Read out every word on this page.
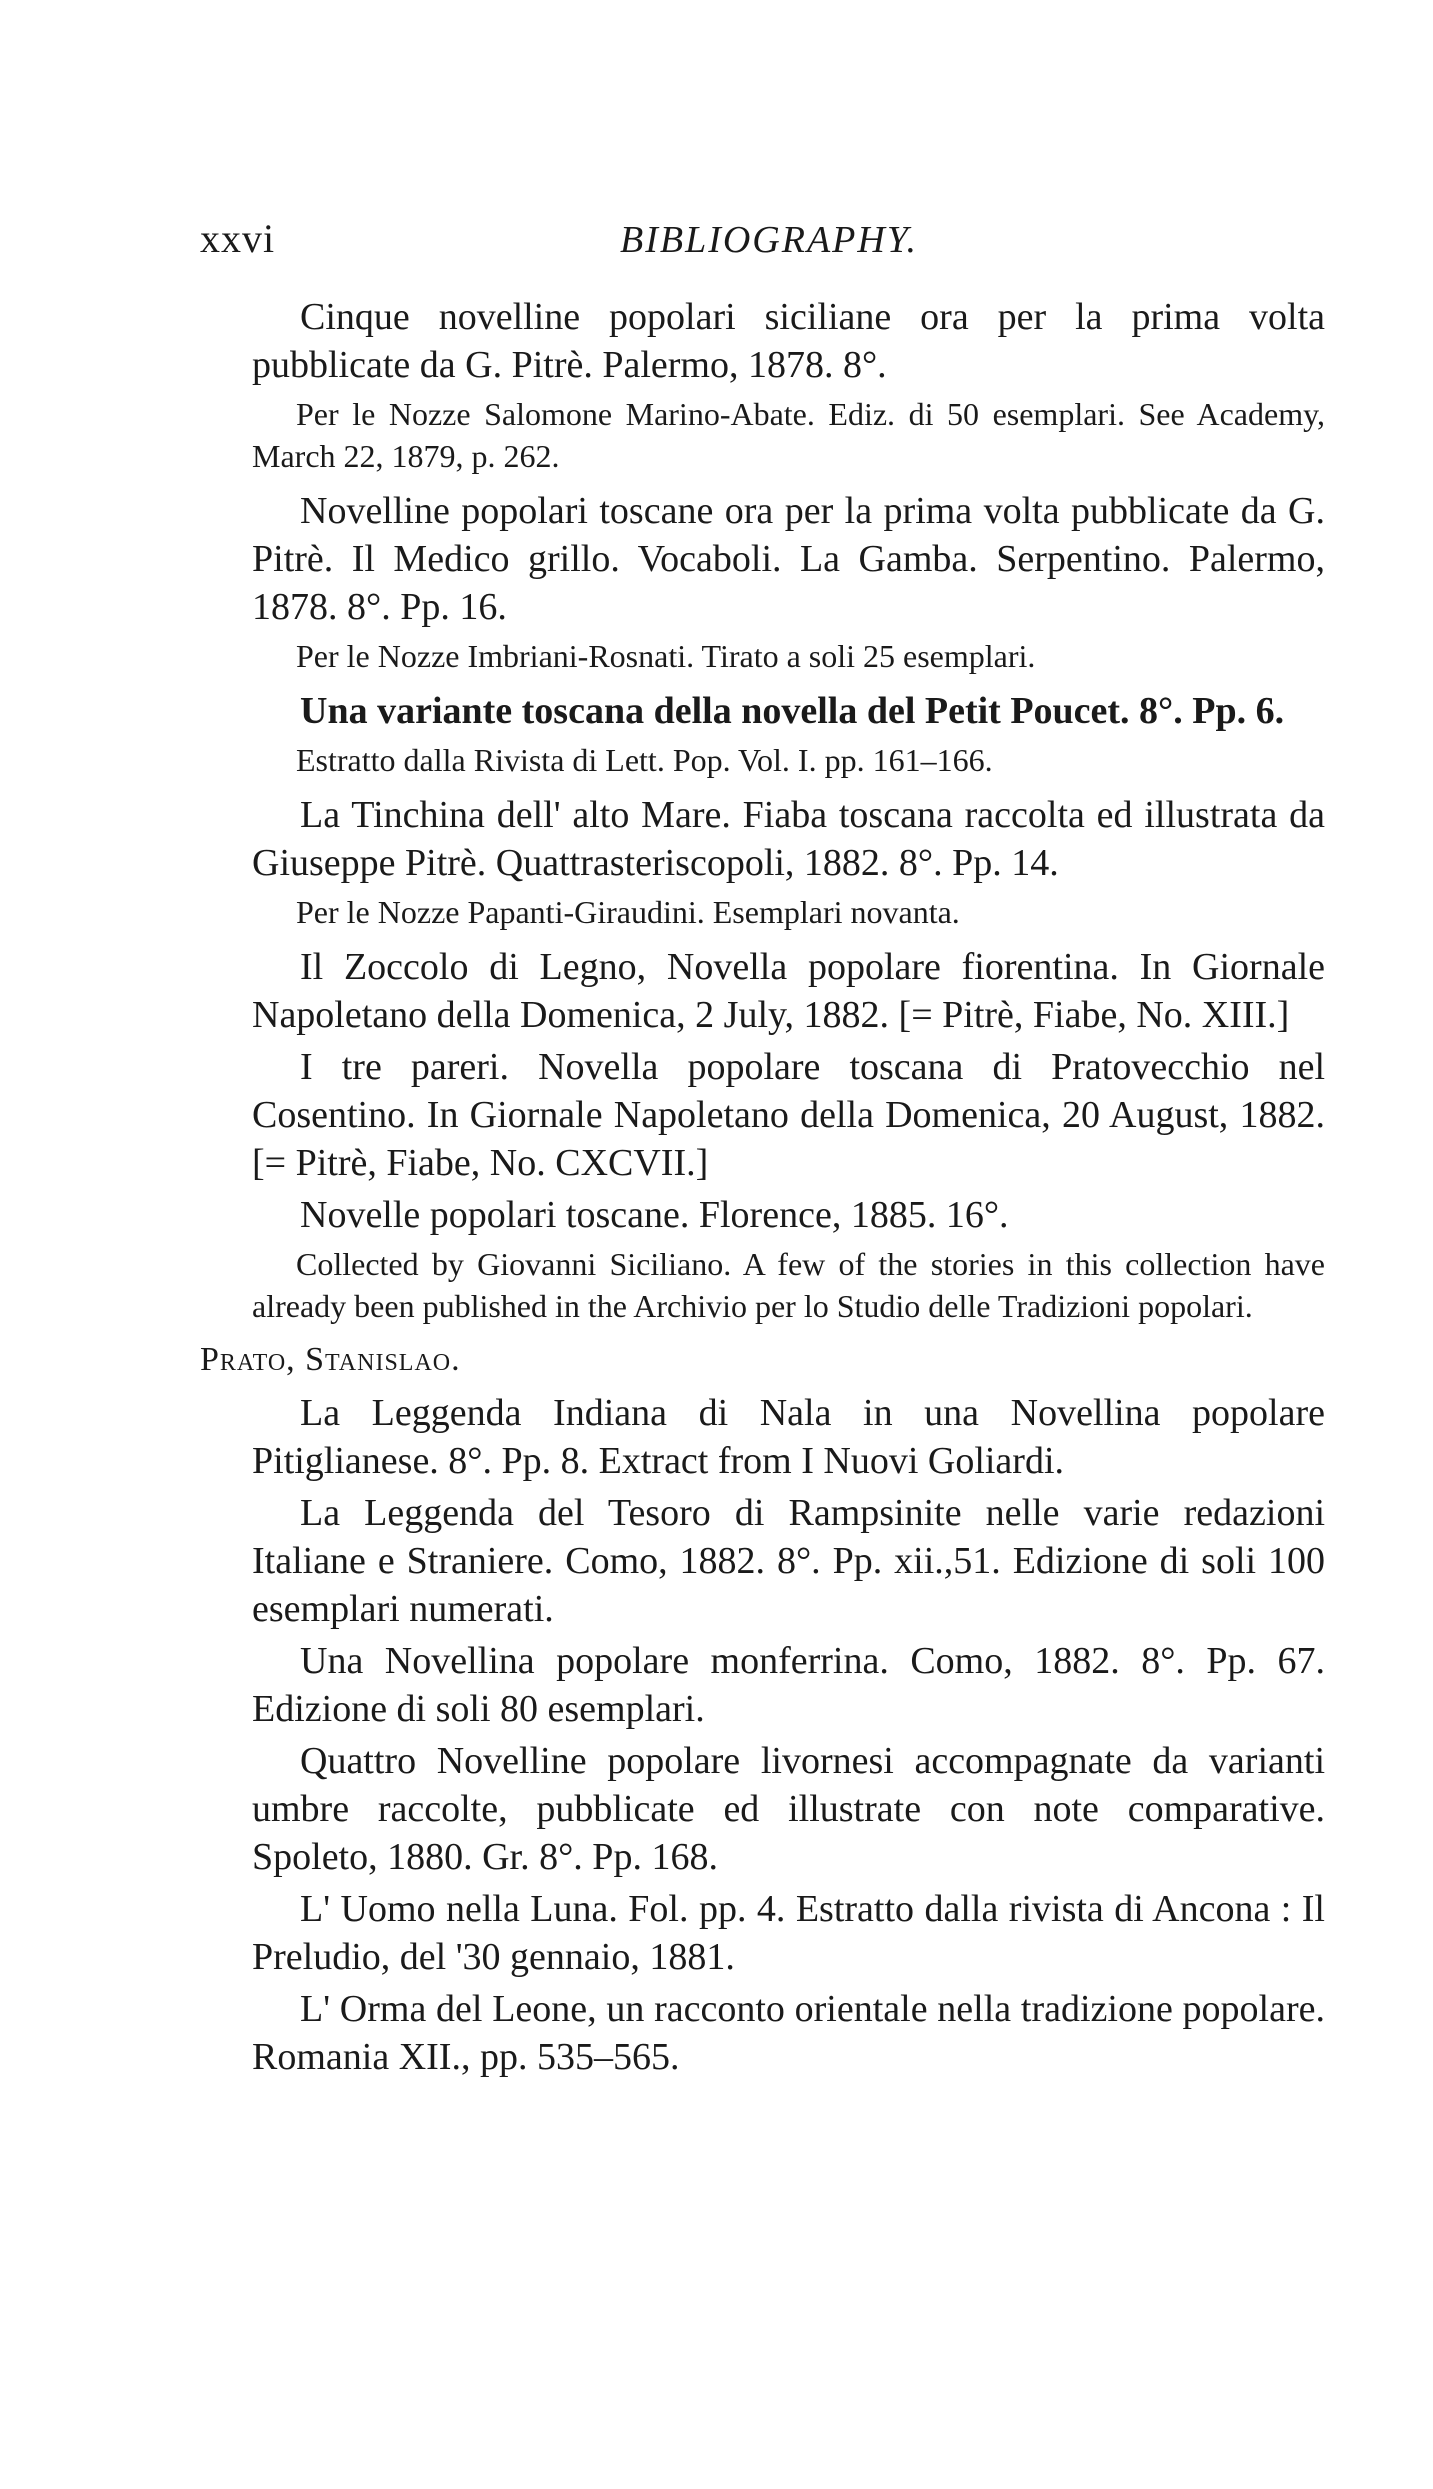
xxvi	BIBLIOGRAPHY.

Cinque novelline popolari siciliane ora per la prima volta pubblicate da G. Pitrè. Palermo, 1878. 8°.

Per le Nozze Salomone Marino-Abate. Ediz. di 50 esemplari. See Academy, March 22, 1879, p. 262.

Novelline popolari toscane ora per la prima volta pubblicate da G. Pitrè. Il Medico grillo. Vocaboli. La Gamba. Serpentino. Palermo, 1878. 8°. Pp. 16.

Per le Nozze Imbriani-Rosnati. Tirato a soli 25 esemplari.

Una variante toscana della novella del Petit Poucet. 8°. Pp. 6.

Estratto dalla Rivista di Lett. Pop. Vol. I. pp. 161–166.

La Tinchina dell' alto Mare. Fiaba toscana raccolta ed illustrata da Giuseppe Pitrè. Quattrasteriscopoli, 1882. 8°. Pp. 14.

Per le Nozze Papanti-Giraudini. Esemplari novanta.

Il Zoccolo di Legno, Novella popolare fiorentina. In Giornale Napoletano della Domenica, 2 July, 1882. [= Pitrè, Fiabe, No. XIII.]

I tre pareri. Novella popolare toscana di Pratovecchio nel Cosentino. In Giornale Napoletano della Domenica, 20 August, 1882. [= Pitrè, Fiabe, No. CXCVII.]

Novelle popolari toscane. Florence, 1885. 16°.

Collected by Giovanni Siciliano. A few of the stories in this collection have already been published in the Archivio per lo Studio delle Tradizioni popolari.

Prato, Stanislao.

La Leggenda Indiana di Nala in una Novellina popolare Pitiglianese. 8°. Pp. 8. Extract from I Nuovi Goliardi.

La Leggenda del Tesoro di Rampsinite nelle varie redazioni Italiane e Straniere. Como, 1882. 8°. Pp. xii.,51. Edizione di soli 100 esemplari numerati.

Una Novellina popolare monferrina. Como, 1882. 8°. Pp. 67. Edizione di soli 80 esemplari.

Quattro Novelline popolare livornesi accompagnate da varianti umbre raccolte, pubblicate ed illustrate con note comparative. Spoleto, 1880. Gr. 8°. Pp. 168.

L' Uomo nella Luna. Fol. pp. 4. Estratto dalla rivista di Ancona : Il Preludio, del '30 gennaio, 1881.

L' Orma del Leone, un racconto orientale nella tradizione popolare. Romania XII., pp. 535–565.
